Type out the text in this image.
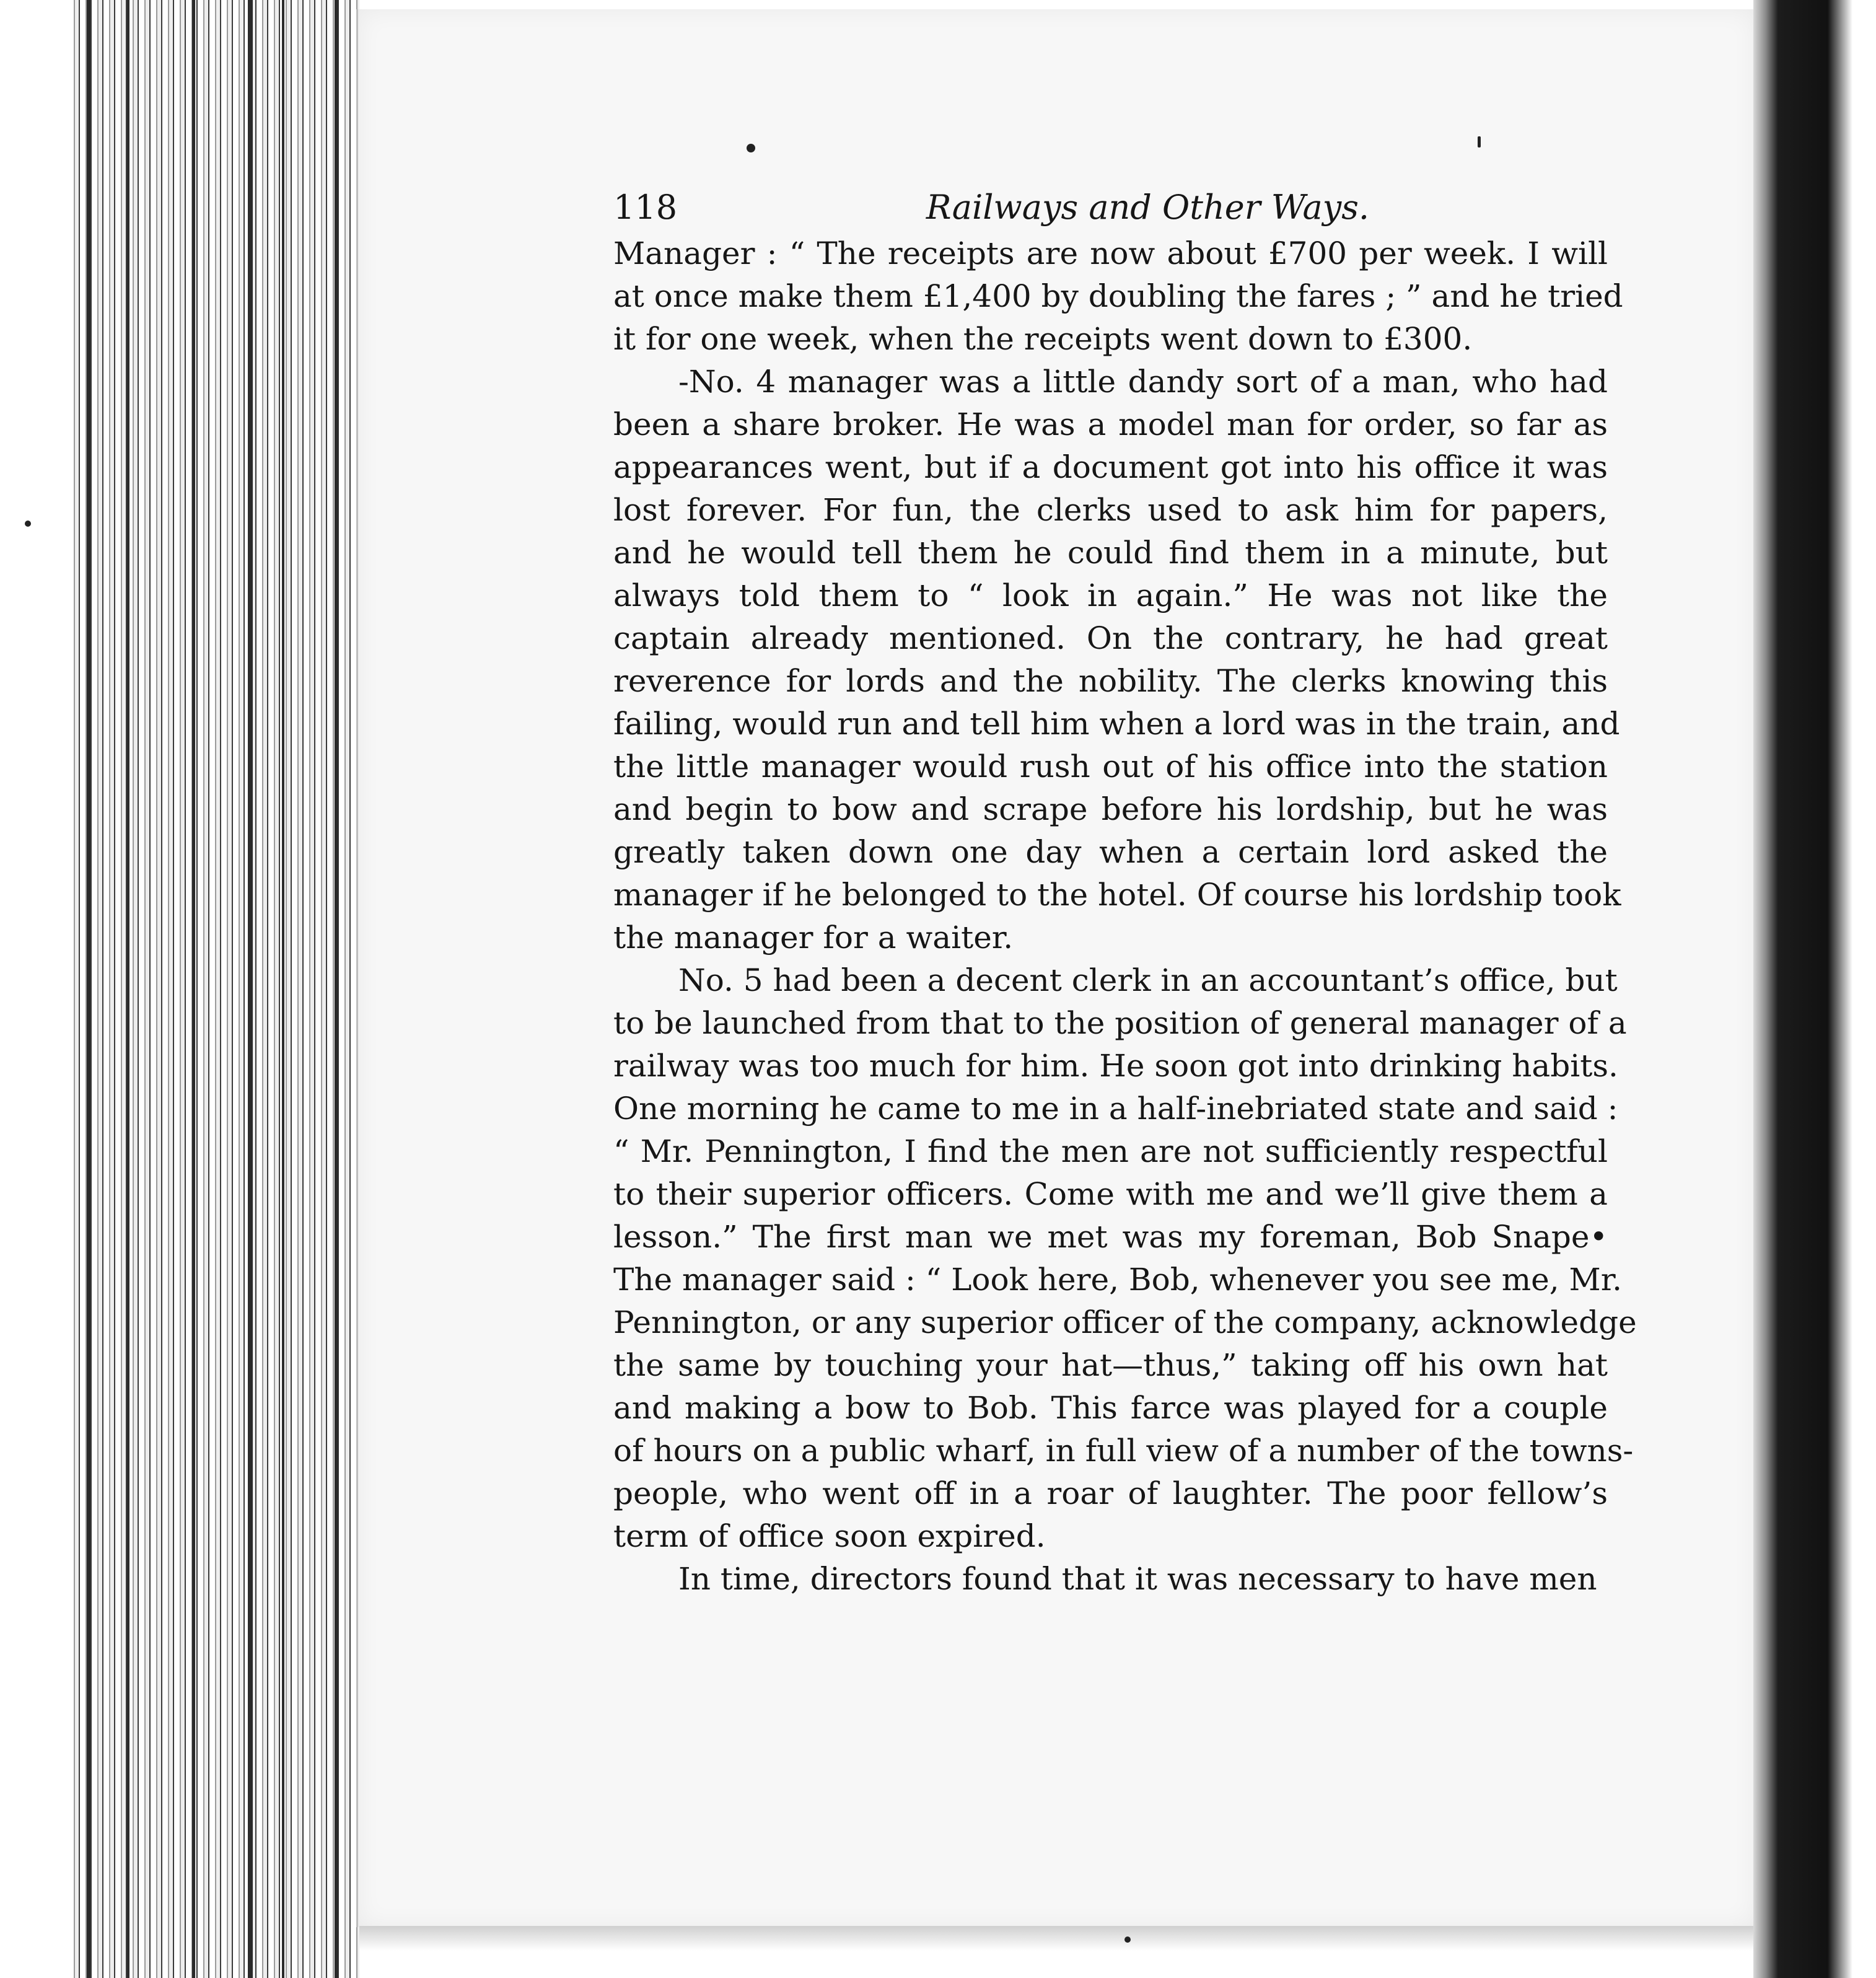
118	Railways and Other Ways.
Manager : “ The receipts are now about £700 per week. I will
at once make them £1,400 by doubling the fares ; ” and he tried
it for one week, when the receipts went down to £300.
-No. 4 manager was a little dandy sort of a man, who had
been a share broker. He was a model man for order, so far as
appearances went, but if a document got into his office it was
lost forever. For fun, the clerks used to ask him for papers,
and he would tell them he could find them in a minute, but
always told them to “ look in again.” He was not like the
captain already mentioned. On the contrary, he had great
reverence for lords and the nobility. The clerks knowing this
failing, would run and tell him when a lord was in the train, and
the little manager would rush out of his office into the station
and begin to bow and scrape before his lordship, but he was
greatly taken down one day when a certain lord asked the
manager if he belonged to the hotel. Of course his lordship took
the manager for a waiter.
No. 5 had been a decent clerk in an accountant’s office, but
to be launched from that to the position of general manager of a
railway was too much for him. He soon got into drinking habits.
One morning he came to me in a half-inebriated state and said :
“ Mr. Pennington, I find the men are not sufficiently respectful
to their superior officers. Come with me and we’ll give them a
lesson.” The first man we met was my foreman, Bob Snape•
The manager said : “ Look here, Bob, whenever you see me, Mr.
Pennington, or any superior officer of the company, acknowledge
the same by touching your hat—thus,” taking off his own hat
and making a bow to Bob. This farce was played for a couple
of hours on a public wharf, in full view of a number of the towns-
people, who went off in a roar of laughter. The poor fellow’s
term of office soon expired.
In time, directors found that it was necessary to have men
